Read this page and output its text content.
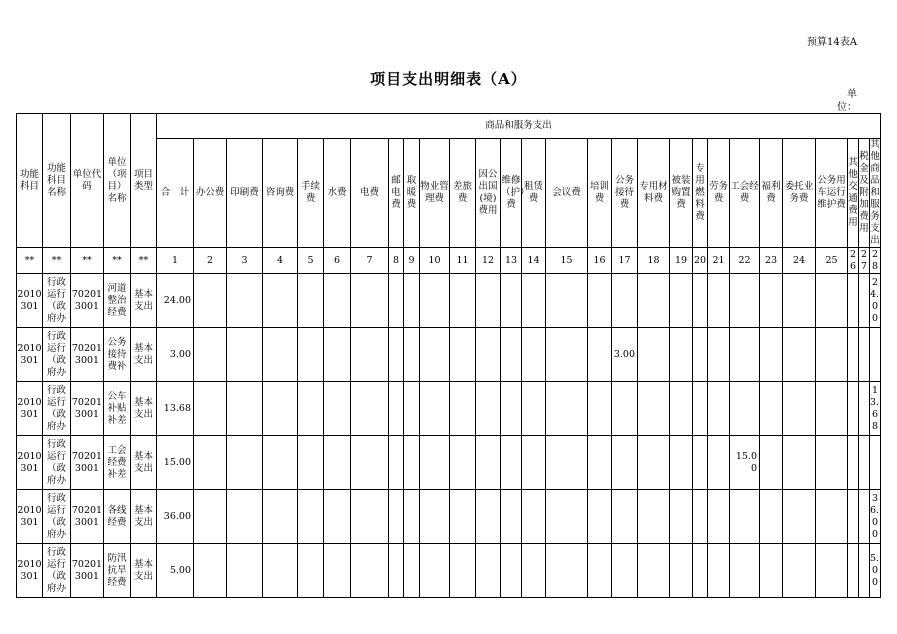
预算14表A
项目支出明细表（A）
单位：
功能科目	功能科目名称	单位代码	单位（项目）名称	项目类型	商品和服务支出																											
					合　计	办公费	印刷费	咨询费	手续费	水费	电费	邮电费	取暖费	物业管理费	差旅费	因公出国(境)费用	维修（护）费	租赁费	会议费	培训费	公务接待费	专用材料费	被装购置费	专用燃料费	劳务费	工会经费	福利费	委托业务费	公务用车运行维护费	其他交通费用	税金及附加费用	其他商品和服务支出
**	**	**	**	**	1	2	3	4	5	6	7	8	9	10	11	12	13	14	15	16	17	18	19	20	21	22	23	24	25	26	27	28
2010301	行政运行（政府办	702013001	河道整治经费	基本支出	24.00																											24.00
2010301	行政运行（政府办	702013001	公务接待费补	基本支出	3.00																3.00											
2010301	行政运行（政府办	702013001	公车补贴补差	基本支出	13.68																											13.68
2010301	行政运行（政府办	702013001	工会经费补差	基本支出	15.00																					15.00						
2010301	行政运行（政府办	702013001	各线经费	基本支出	36.00																											36.00
2010301	行政运行（政府办	702013001	防汛抗旱经费	基本支出	5.00																											5.00
